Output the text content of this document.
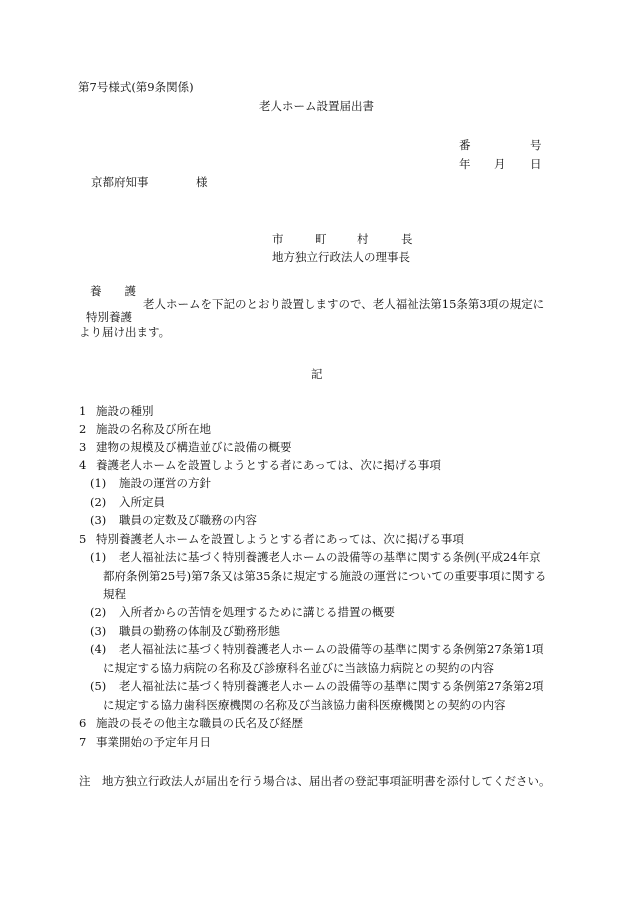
第7号様式(第9条関係)
老人ホーム設置届出書
番	号
年 月 日
京都府知事	様
市	町	村	長
地方独立行政法人の理事長
養　　護
老人ホームを下記のとおり設置しますので、老人福祉法第15条第3項の規定に
特別養護
より届け出ます。
記
1 施設の種別
2 施設の名称及び所在地
3 建物の規模及び構造並びに設備の概要
4 養護老人ホームを設置しようとする者にあっては、次に掲げる事項
(1) 施設の運営の方針
(2) 入所定員
(3) 職員の定数及び職務の内容
5 特別養護老人ホームを設置しようとする者にあっては、次に掲げる事項
(1) 老人福祉法に基づく特別養護老人ホームの設備等の基準に関する条例(平成24年京
都府条例第25号)第7条又は第35条に規定する施設の運営についての重要事項に関する
規程
(2) 入所者からの苦情を処理するために講じる措置の概要
(3) 職員の勤務の体制及び勤務形態
(4) 老人福祉法に基づく特別養護老人ホームの設備等の基準に関する条例第27条第1項
に規定する協力病院の名称及び診療科名並びに当該協力病院との契約の内容
(5) 老人福祉法に基づく特別養護老人ホームの設備等の基準に関する条例第27条第2項
に規定する協力歯科医療機関の名称及び当該協力歯科医療機関との契約の内容
6 施設の長その他主な職員の氏名及び経歴
7 事業開始の予定年月日
注 地方独立行政法人が届出を行う場合は、届出者の登記事項証明書を添付してください。
